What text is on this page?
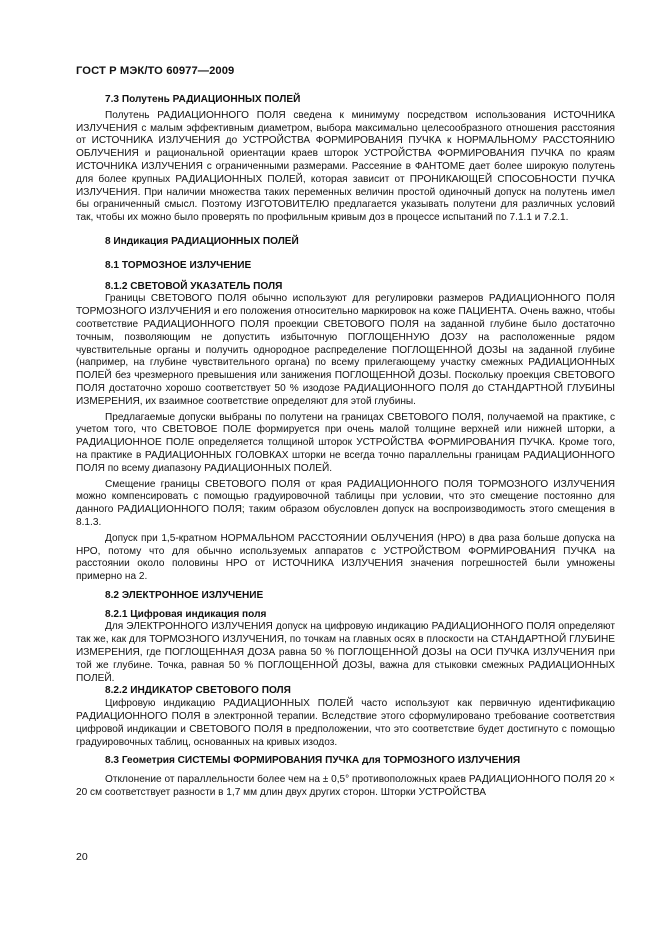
ГОСТ Р МЭК/ТО 60977—2009
7.3 Полутень РАДИАЦИОННЫХ ПОЛЕЙ
Полутень РАДИАЦИОННОГО ПОЛЯ сведена к минимуму посредством использования ИСТОЧНИКА ИЗЛУЧЕНИЯ с малым эффективным диаметром, выбора максимально целесообразного отношения расстояния от ИСТОЧНИКА ИЗЛУЧЕНИЯ до УСТРОЙСТВА ФОРМИРОВАНИЯ ПУЧКА к НОРМАЛЬНОМУ РАССТОЯНИЮ ОБЛУЧЕНИЯ и рациональной ориентации краев шторок УСТРОЙСТВА ФОРМИРОВАНИЯ ПУЧКА по краям ИСТОЧНИКА ИЗЛУЧЕНИЯ с ограниченными размерами. Рассеяние в ФАНТОМЕ дает более широкую полутень для более крупных РАДИАЦИОННЫХ ПОЛЕЙ, которая зависит от ПРОНИКАЮЩЕЙ СПОСОБНОСТИ ПУЧКА ИЗЛУЧЕНИЯ. При наличии множества таких переменных величин простой одиночный допуск на полутень имел бы ограниченный смысл. Поэтому ИЗГОТОВИТЕЛЮ предлагается указывать полутени для различных условий так, чтобы их можно было проверять по профильным кривым доз в процессе испытаний по 7.1.1 и 7.2.1.
8 Индикация РАДИАЦИОННЫХ ПОЛЕЙ
8.1 ТОРМОЗНОЕ ИЗЛУЧЕНИЕ
8.1.2 СВЕТОВОЙ УКАЗАТЕЛЬ ПОЛЯ
Границы СВЕТОВОГО ПОЛЯ обычно используют для регулировки размеров РАДИАЦИОННОГО ПОЛЯ ТОРМОЗНОГО ИЗЛУЧЕНИЯ и его положения относительно маркировок на коже ПАЦИЕНТА. Очень важно, чтобы соответствие РАДИАЦИОННОГО ПОЛЯ проекции СВЕТОВОГО ПОЛЯ на заданной глубине было достаточно точным, позволяющим не допустить избыточную ПОГЛОЩЕННУЮ ДОЗУ на расположенные рядом чувствительные органы и получить однородное распределение ПОГЛОЩЕННОЙ ДОЗЫ на заданной глубине (например, на глубине чувствительного органа) по всему прилегающему участку смежных РАДИАЦИОННЫХ ПОЛЕЙ без чрезмерного превышения или занижения ПОГЛОЩЕННОЙ ДОЗЫ. Поскольку проекция СВЕТОВОГО ПОЛЯ достаточно хорошо соответствует 50 % изодозе РАДИАЦИОННОГО ПОЛЯ до СТАНДАРТНОЙ ГЛУБИНЫ ИЗМЕРЕНИЯ, их взаимное соответствие определяют для этой глубины.
Предлагаемые допуски выбраны по полутени на границах СВЕТОВОГО ПОЛЯ, получаемой на практике, с учетом того, что СВЕТОВОЕ ПОЛЕ формируется при очень малой толщине верхней или нижней шторки, а РАДИАЦИОННОЕ ПОЛЕ определяется толщиной шторок УСТРОЙСТВА ФОРМИРОВАНИЯ ПУЧКА. Кроме того, на практике в РАДИАЦИОННЫХ ГОЛОВКАХ шторки не всегда точно параллельны границам РАДИАЦИОННОГО ПОЛЯ по всему диапазону РАДИАЦИОННЫХ ПОЛЕЙ.
Смещение границы СВЕТОВОГО ПОЛЯ от края РАДИАЦИОННОГО ПОЛЯ ТОРМОЗНОГО ИЗЛУЧЕНИЯ можно компенсировать с помощью градуировочной таблицы при условии, что это смещение постоянно для данного РАДИАЦИОННОГО ПОЛЯ; таким образом обусловлен допуск на воспроизводимость этого смещения в 8.1.3.
Допуск при 1,5-кратном НОРМАЛЬНОМ РАССТОЯНИИ ОБЛУЧЕНИЯ (НРО) в два раза больше допуска на НРО, потому что для обычно используемых аппаратов с УСТРОЙСТВОМ ФОРМИРОВАНИЯ ПУЧКА на расстоянии около половины НРО от ИСТОЧНИКА ИЗЛУЧЕНИЯ значения погрешностей были умножены примерно на 2.
8.2 ЭЛЕКТРОННОЕ ИЗЛУЧЕНИЕ
8.2.1 Цифровая индикация поля
Для ЭЛЕКТРОННОГО ИЗЛУЧЕНИЯ допуск на цифровую индикацию РАДИАЦИОННОГО ПОЛЯ определяют так же, как для ТОРМОЗНОГО ИЗЛУЧЕНИЯ, по точкам на главных осях в плоскости на СТАНДАРТНОЙ ГЛУБИНЕ ИЗМЕРЕНИЯ, где ПОГЛОЩЕННАЯ ДОЗА равна 50 % ПОГЛОЩЕННОЙ ДОЗЫ на ОСИ ПУЧКА ИЗЛУЧЕНИЯ при той же глубине. Точка, равная 50 % ПОГЛОЩЕННОЙ ДОЗЫ, важна для стыковки смежных РАДИАЦИОННЫХ ПОЛЕЙ.
8.2.2 ИНДИКАТОР СВЕТОВОГО ПОЛЯ
Цифровую индикацию РАДИАЦИОННЫХ ПОЛЕЙ часто используют как первичную идентификацию РАДИАЦИОННОГО ПОЛЯ в электронной терапии. Вследствие этого сформулировано требование соответствия цифровой индикации и СВЕТОВОГО ПОЛЯ в предположении, что это соответствие будет достигнуто с помощью градуировочных таблиц, основанных на кривых изодоз.
8.3 Геометрия СИСТЕМЫ ФОРМИРОВАНИЯ ПУЧКА для ТОРМОЗНОГО ИЗЛУЧЕНИЯ
Отклонение от параллельности более чем на ± 0,5° противоположных краев РАДИАЦИОННОГО ПОЛЯ 20 × 20 см соответствует разности в 1,7 мм длин двух других сторон. Шторки УСТРОЙСТВА
20
